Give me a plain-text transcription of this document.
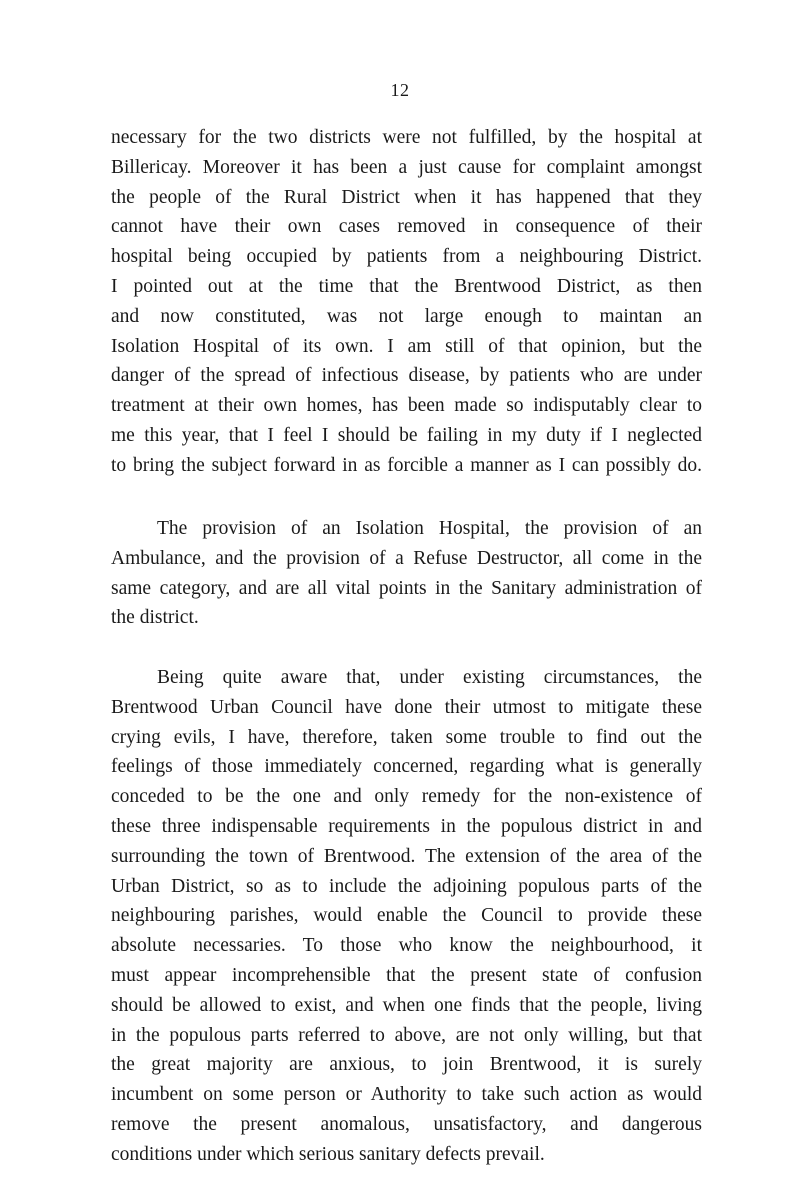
12

necessary for the two districts were not fulfilled, by the hospital at
Billericay. Moreover it has been a just cause for complaint amongst
the people of the Rural District when it has happened that they
cannot have their own cases removed in consequence of their
hospital being occupied by patients from a neighbouring District.
I pointed out at the time that the Brentwood District, as then
and now constituted, was not large enough to maintan an
Isolation Hospital of its own. I am still of that opinion, but the
danger of the spread of infectious disease, by patients who are under
treatment at their own homes, has been made so indisputably clear to
me this year, that I feel I should be failing in my duty if I neglected
to bring the subject forward in as forcible a manner as I can possibly do.

The provision of an Isolation Hospital, the provision of an
Ambulance, and the provision of a Refuse Destructor, all come in the
same category, and are all vital points in the Sanitary administration of
the district.

Being quite aware that, under existing circumstances, the
Brentwood Urban Council have done their utmost to mitigate these
crying evils, I have, therefore, taken some trouble to find out the
feelings of those immediately concerned, regarding what is generally
conceded to be the one and only remedy for the non-existence of
these three indispensable requirements in the populous district in and
surrounding the town of Brentwood. The extension of the area of the
Urban District, so as to include the adjoining populous parts of the
neighbouring parishes, would enable the Council to provide these
absolute necessaries. To those who know the neighbourhood, it
must appear incomprehensible that the present state of confusion
should be allowed to exist, and when one finds that the people, living
in the populous parts referred to above, are not only willing, but that
the great majority are anxious, to join Brentwood, it is surely
incumbent on some person or Authority to take such action as would
remove the present anomalous, unsatisfactory, and dangerous
conditions under which serious sanitary defects prevail.
